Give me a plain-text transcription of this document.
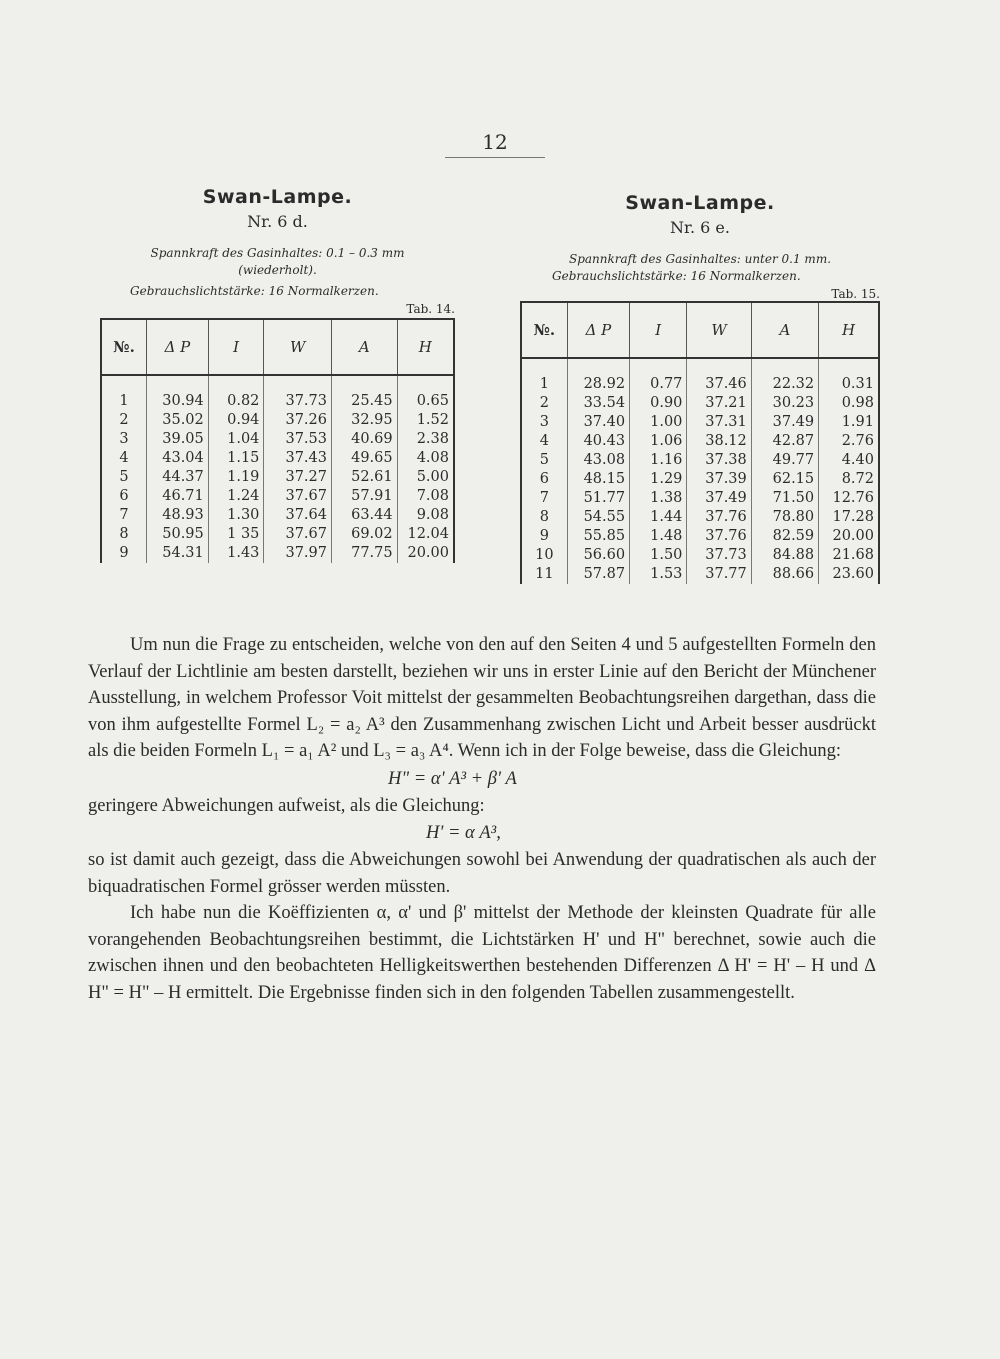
12
Swan-Lampe.
Nr. 6 d.
Spannkraft des Gasinhaltes: 0.1 – 0.3 mm
(wiederholt).
Gebrauchslichtstärke: 16 Normalkerzen.
Tab. 14.
№.	Δ P	I	W	A	H
1	30.94	0.82	37.73	25.45	0.65
2	35.02	0.94	37.26	32.95	1.52
3	39.05	1.04	37.53	40.69	2.38
4	43.04	1.15	37.43	49.65	4.08
5	44.37	1.19	37.27	52.61	5.00
6	46.71	1.24	37.67	57.91	7.08
7	48.93	1.30	37.64	63.44	9.08
8	50.95	1 35	37.67	69.02	12.04
9	54.31	1.43	37.97	77.75	20.00
Swan-Lampe.
Nr. 6 e.
Spannkraft des Gasinhaltes: unter 0.1 mm.
Gebrauchslichtstärke: 16 Normalkerzen.
Tab. 15.
№.	Δ P	I	W	A	H
1	28.92	0.77	37.46	22.32	0.31
2	33.54	0.90	37.21	30.23	0.98
3	37.40	1.00	37.31	37.49	1.91
4	40.43	1.06	38.12	42.87	2.76
5	43.08	1.16	37.38	49.77	4.40
6	48.15	1.29	37.39	62.15	8.72
7	51.77	1.38	37.49	71.50	12.76
8	54.55	1.44	37.76	78.80	17.28
9	55.85	1.48	37.76	82.59	20.00
10	56.60	1.50	37.73	84.88	21.68
11	57.87	1.53	37.77	88.66	23.60

Um nun die Frage zu entscheiden, welche von den auf den Seiten 4 und 5 aufgestellten Formeln den Verlauf der Lichtlinie am besten darstellt, beziehen wir uns in erster Linie auf den Bericht der Münchener Ausstellung, in welchem Professor Voit mittelst der gesammelten Beobachtungsreihen dargethan, dass die von ihm aufgestellte Formel L₂ = a₂ A³ den Zusammenhang zwischen Licht und Arbeit besser ausdrückt als die beiden Formeln L₁ = a₁ A² und L₃ = a₃ A⁴. Wenn ich in der Folge beweise, dass die Gleichung:

H" = α' A³ + β' A

geringere Abweichungen aufweist, als die Gleichung:

H' = α A³,

so ist damit auch gezeigt, dass die Abweichungen sowohl bei Anwendung der quadratischen als auch der biquadratischen Formel grösser werden müssten.

Ich habe nun die Koëffizienten α, α' und β' mittelst der Methode der kleinsten Quadrate für alle vorangehenden Beobachtungsreihen bestimmt, die Lichtstärken H' und H" berechnet, sowie auch die zwischen ihnen und den beobachteten Helligkeitswerthen bestehenden Differenzen Δ H' = H' – H und Δ H" = H" – H ermittelt. Die Ergebnisse finden sich in den folgenden Tabellen zusammengestellt.
